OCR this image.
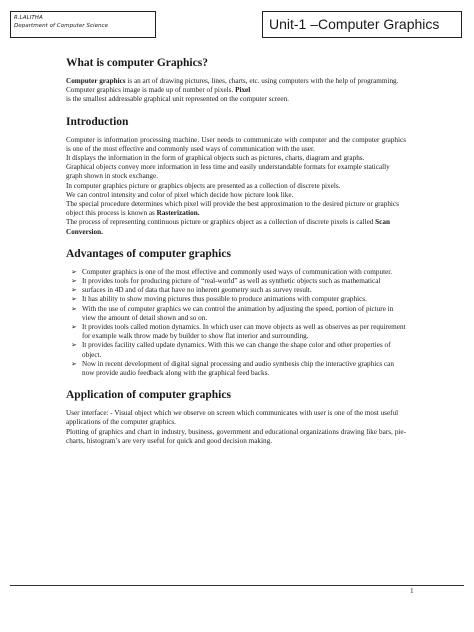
R.LALITHA
Department of Computer Science	Unit-1 –Computer Graphics
What is computer Graphics?

Computer graphics is an art of drawing pictures, lines, charts, etc. using computers with the help of programming. Computer graphics image is made up of number of pixels. Pixel
is the smallest addressable graphical unit represented on the computer screen.

Introduction

Computer is information processing machine. User needs to communicate with computer and the computer graphics is one of the most effective and commonly used ways of communication with the user.

It displays the information in the form of graphical objects such as pictures, charts, diagram and graphs.

Graphical objects convey more information in less time and easily understandable formats for example statically graph shown in stock exchange.

In computer graphics picture or graphics objects are presented as a collection of discrete pixels.

We can control intensity and color of pixel which decide how picture look like.

The special procedure determines which pixel will provide the best approximation to the desired picture or graphics object this process is known as Rasterization.

The process of representing continuous picture or graphics object as a collection of discrete pixels is called Scan Conversion.

Advantages of computer graphics
➢ Computer graphics is one of the most effective and commonly used ways of communication with computer.
➢ It provides tools for producing picture of “real-world” as well as synthetic objects such as mathematical
➢ surfaces in 4D and of data that have no inherent geometry such as survey result.
➢ It has ability to show moving pictures thus possible to produce animations with computer graphics.
➢ With the use of computer graphics we can control the animation by adjusting the speed, portion of picture in view the amount of detail shown and so on.
➢ It provides tools called motion dynamics. In which user can move objects as well as observes as per requirement for example walk throw made by builder to show flat interior and surrounding.
➢ It provides facility called update dynamics. With this we can change the shape color and other properties of object.
➢ Now in recent development of digital signal processing and audio synthesis chip the interactive graphics can now provide audio feedback along with the graphical feed backs.
Application of computer graphics

User interface: - Visual object which we observe on screen which communicates with user is one of the most useful applications of the computer graphics.

Plotting of graphics and chart in industry, business, government and educational organizations drawing like bars, pie-charts, histogram’s are very useful for quick and good decision making.

1
